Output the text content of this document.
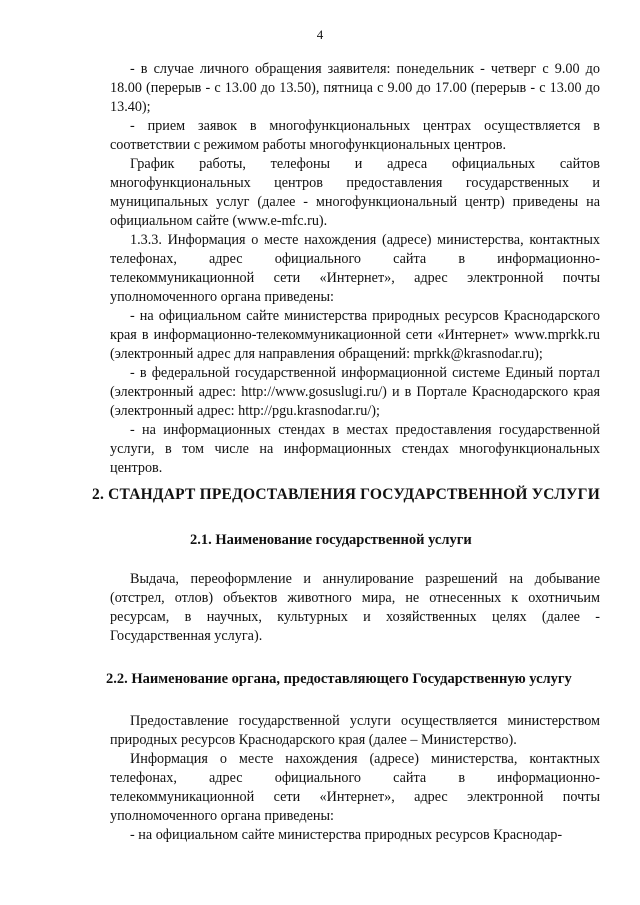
4

- в случае личного обращения заявителя: понедельник - четверг с 9.00 до 18.00 (перерыв - с 13.00 до 13.50), пятница с 9.00 до 17.00 (перерыв - с 13.00 до 13.40);

- прием заявок в многофункциональных центрах осуществляется в соответствии с режимом работы многофункциональных центров.

График работы, телефоны и адреса официальных сайтов многофункциональных центров предоставления государственных и муниципальных услуг (далее - многофункциональный центр) приведены на официальном сайте (www.e-mfc.ru).

1.3.3. Информация о месте нахождения (адресе) министерства, контактных телефонах, адрес официального сайта в информационно-телекоммуникационной сети «Интернет», адрес электронной почты уполномоченного органа приведены:

- на официальном сайте министерства природных ресурсов Краснодарского края в информационно-телекоммуникационной сети «Интернет» www.mprkk.ru (электронный адрес для направления обращений: mprkk@krasnodar.ru);

- в федеральной государственной информационной системе Единый портал (электронный адрес: http://www.gosuslugi.ru/) и в Портале Краснодарского края (электронный адрес: http://pgu.krasnodar.ru/);

- на информационных стендах в местах предоставления государственной услуги, в том числе на информационных стендах многофункциональных центров.

2. СТАНДАРТ ПРЕДОСТАВЛЕНИЯ ГОСУДАРСТВЕННОЙ УСЛУГИ
2.1. Наименование государственной услуги

Выдача, переоформление и аннулирование разрешений на добывание (отстрел, отлов) объектов животного мира, не отнесенных к охотничьим ресурсам, в научных, культурных и хозяйственных целях (далее - Государственная услуга).

2.2. Наименование органа, предоставляющего Государственную услугу

Предоставление государственной услуги осуществляется министерством природных ресурсов Краснодарского края (далее – Министерство).

Информация о месте нахождения (адресе) министерства, контактных телефонах, адрес официального сайта в информационно-телекоммуникационной сети «Интернет», адрес электронной почты уполномоченного органа приведены:

- на официальном сайте министерства природных ресурсов Краснодар-
